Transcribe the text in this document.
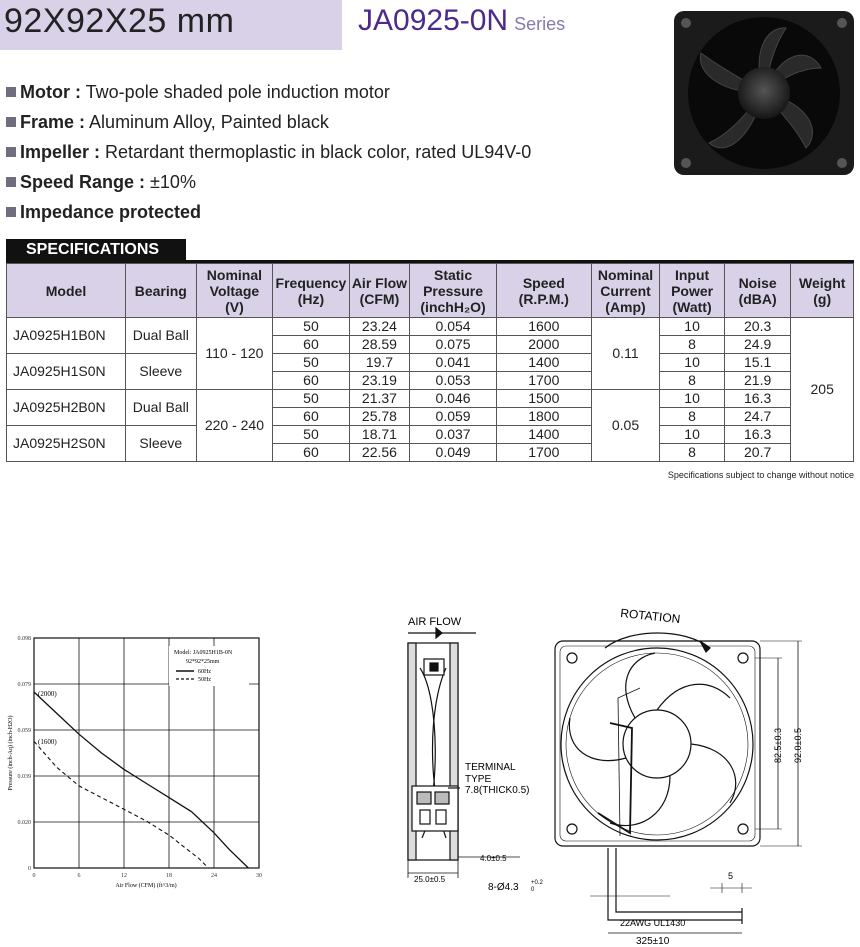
92X92X25 mm	JA0925-0N Series
Motor : Two-pole shaded pole induction motor
Frame : Aluminum Alloy, Painted black
Impeller : Retardant thermoplastic in black color, rated UL94V-0
Speed Range : ±10%
Impedance protected
SPECIFICATIONS
Model	Bearing	Nominal Voltage (V)	Frequency (Hz)	Air Flow (CFM)	Static Pressure (inchH₂O)	Speed (R.P.M.)	Nominal Current (Amp)	Input Power (Watt)	Noise (dBA)	Weight (g)
JA0925H1B0N	Dual Ball	110 - 120	50	23.24	0.054	1600	0.11	10	20.3	205
			60	28.59	0.075	2000		8	24.9	
JA0925H1S0N	Sleeve		50	19.7	0.041	1400		10	15.1	
			60	23.19	0.053	1700		8	21.9	
JA0925H2B0N	Dual Ball	220 - 240	50	21.37	0.046	1500	0.05	10	16.3	
			60	25.78	0.059	1800		8	24.7	
JA0925H2S0N	Sleeve		50	18.71	0.037	1400		10	16.3	
			60	22.56	0.049	1700		8	20.7	
Specifications subject to change without notice
0.098
0.079
0.059
0.039
0.020
0
0	6	12	18	24	30
Model: JA0925H1B-0N
92*92*25mm
60Hz
50Hz
(2000)
(1600)
Air Flow (CFM) (ft^3/m)
Pressure (inch-Aq) (inch-H2O)
AIR FLOW
TERMINAL
TYPE
7.8(THICK0.5)
25.0±0.5
4.0±0.5
8-Ø4.3 +0.2
0
ROTATION
82.5±0.3 92.0±0.5
5
22AWG UL1430
325±10
